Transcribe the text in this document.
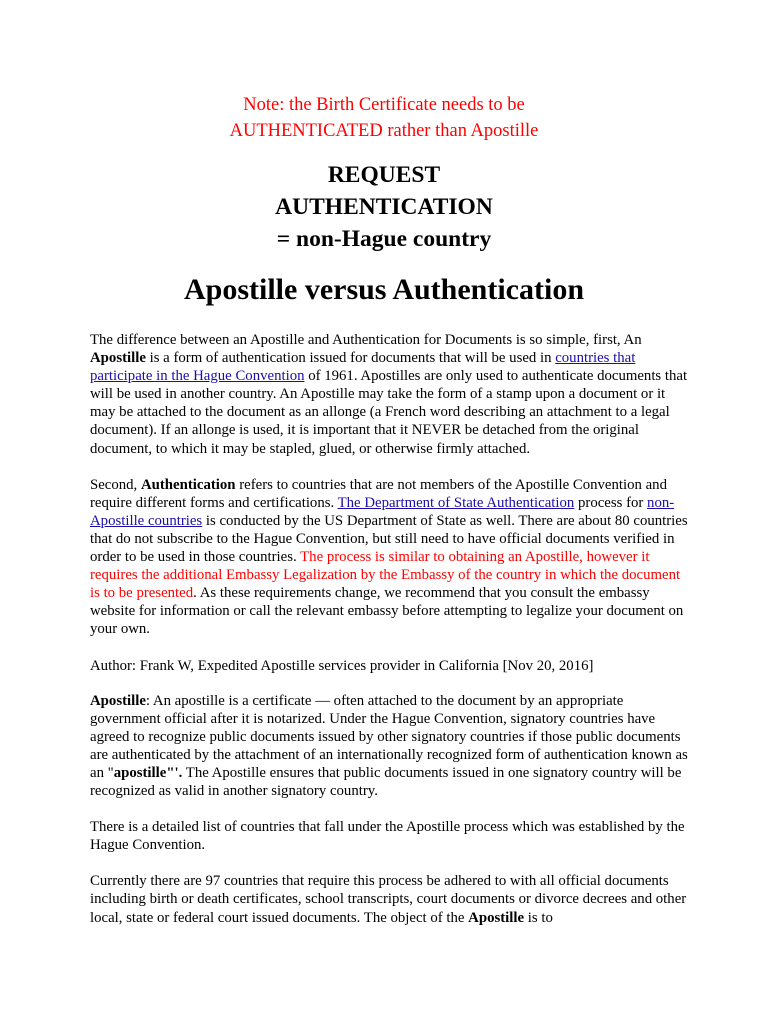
Note: the Birth Certificate needs to be
AUTHENTICATED rather than Apostille
REQUEST
AUTHENTICATION
= non-Hague country
Apostille versus Authentication

The difference between an Apostille and Authentication for Documents is so simple, first, An Apostille is a form of authentication issued for documents that will be used in countries that participate in the Hague Convention of 1961. Apostilles are only used to authenticate documents that will be used in another country. An Apostille may take the form of a stamp upon a document or it may be attached to the document as an allonge (a French word describing an attachment to a legal document). If an allonge is used, it is important that it NEVER be detached from the original document, to which it may be stapled, glued, or otherwise firmly attached.

Second, Authentication refers to countries that are not members of the Apostille Convention and require different forms and certifications. The Department of State Authentication process for non-Apostille countries is conducted by the US Department of State as well. There are about 80 countries that do not subscribe to the Hague Convention, but still need to have official documents verified in order to be used in those countries. The process is similar to obtaining an Apostille, however it requires the additional Embassy Legalization by the Embassy of the country in which the document is to be presented. As these requirements change, we recommend that you consult the embassy website for information or call the relevant embassy before attempting to legalize your document on your own.

Author: Frank W, Expedited Apostille services provider in California [Nov 20, 2016]

Apostille: An apostille is a certificate — often attached to the document by an appropriate government official after it is notarized. Under the Hague Convention, signatory countries have agreed to recognize public documents issued by other signatory countries if those public documents are authenticated by the attachment of an internationally recognized form of authentication known as an "apostille"'. The Apostille ensures that public documents issued in one signatory country will be recognized as valid in another signatory country.

There is a detailed list of countries that fall under the Apostille process which was established by the Hague Convention.

Currently there are 97 countries that require this process be adhered to with all official documents including birth or death certificates, school transcripts, court documents or divorce decrees and other local, state or federal court issued documents. The object of the Apostille is to
